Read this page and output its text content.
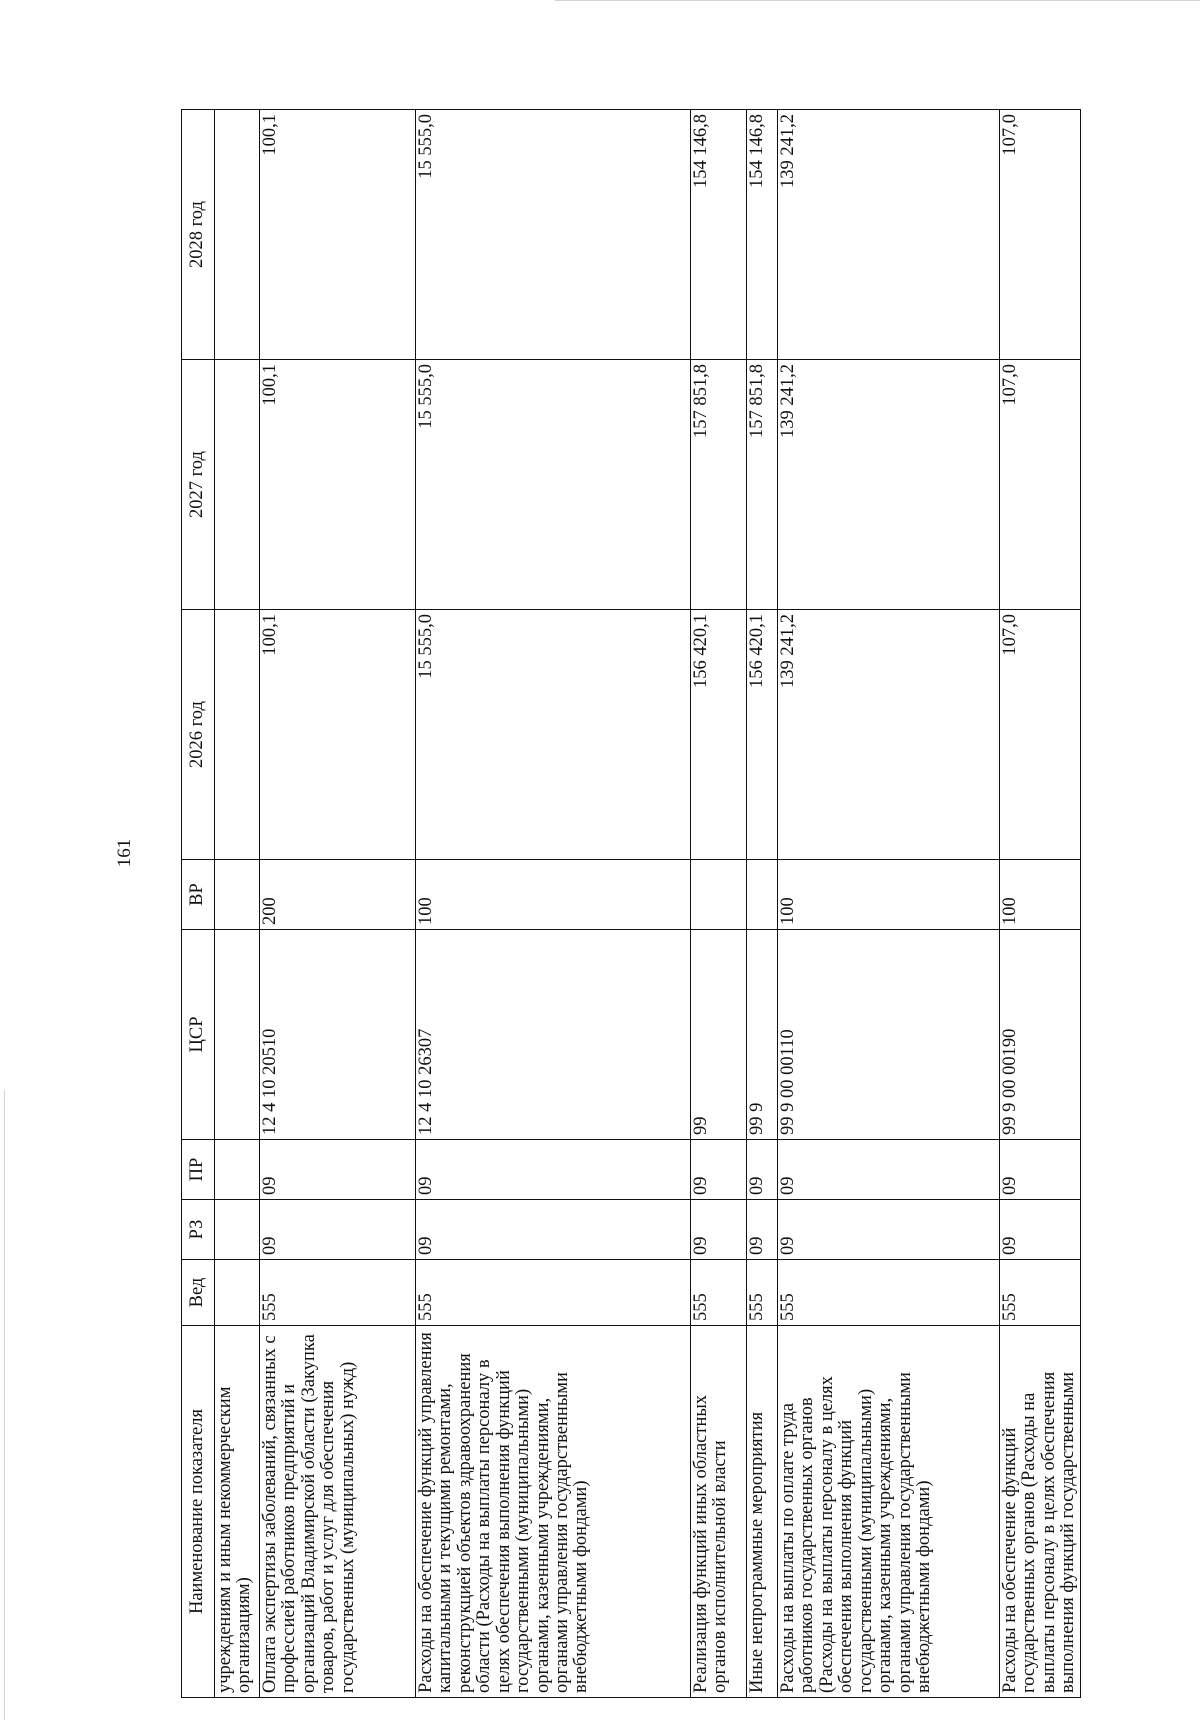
161
Наименование показателя	Вед	РЗ	ПР	ЦСР	ВР	2026 год	2027 год	2028 год
учреждениям и иным некоммерческим организациям)								
Оплата экспертизы заболеваний, связанных с профессией работников предприятий и организаций Владимирской области (Закупка товаров, работ и услуг для обеспечения государственных (муниципальных) нужд)	555	09	09	12 4 10 20510	200	100,1	100,1	100,1
Расходы на обеспечение функций управления капитальными и текущими ремонтами, реконструкцией объектов здравоохранения области (Расходы на выплаты персоналу в целях обеспечения выполнения функций государственными (муниципальными) органами, казенными учреждениями, органами управления государственными внебюджетными фондами)	555	09	09	12 4 10 26307	100	15 555,0	15 555,0	15 555,0
Реализация функций иных областных органов исполнительной власти	555	09	09	99		156 420,1	157 851,8	154 146,8
Иные непрограммные мероприятия	555	09	09	99 9		156 420,1	157 851,8	154 146,8
Расходы на выплаты по оплате труда работников государственных органов (Расходы на выплаты персоналу в целях обеспечения выполнения функций государственными (муниципальными) органами, казенными учреждениями, органами управления государственными внебюджетными фондами)	555	09	09	99 9 00 00110	100	139 241,2	139 241,2	139 241,2
Расходы на обеспечение функций государственных органов (Расходы на выплаты персоналу в целях обеспечения выполнения функций государственными	555	09	09	99 9 00 00190	100	107,0	107,0	107,0
